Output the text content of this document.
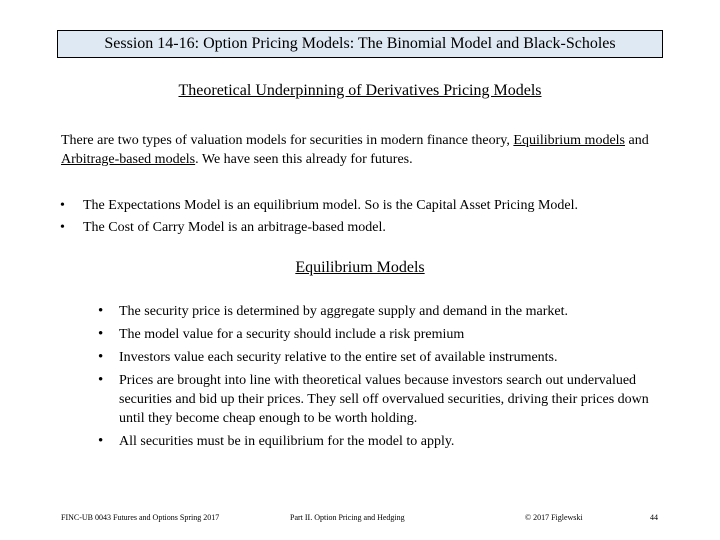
Session 14-16: Option Pricing Models: The Binomial Model and Black-Scholes
Theoretical Underpinning of Derivatives Pricing Models
There are two types of valuation models for securities in modern finance theory, Equilibrium models and Arbitrage-based models. We have seen this already for futures.
• The Expectations Model is an equilibrium model. So is the Capital Asset Pricing Model.
• The Cost of Carry Model is an arbitrage-based model.
Equilibrium Models
• The security price is determined by aggregate supply and demand in the market.
• The model value for a security should include a risk premium
• Investors value each security relative to the entire set of available instruments.
• Prices are brought into line with theoretical values because investors search out undervalued securities and bid up their prices. They sell off overvalued securities, driving their prices down until they become cheap enough to be worth holding.
• All securities must be in equilibrium for the model to apply.
FINC-UB 0043 Futures and Options Spring 2017	Part II. Option Pricing and Hedging	© 2017 Figlewski	44
